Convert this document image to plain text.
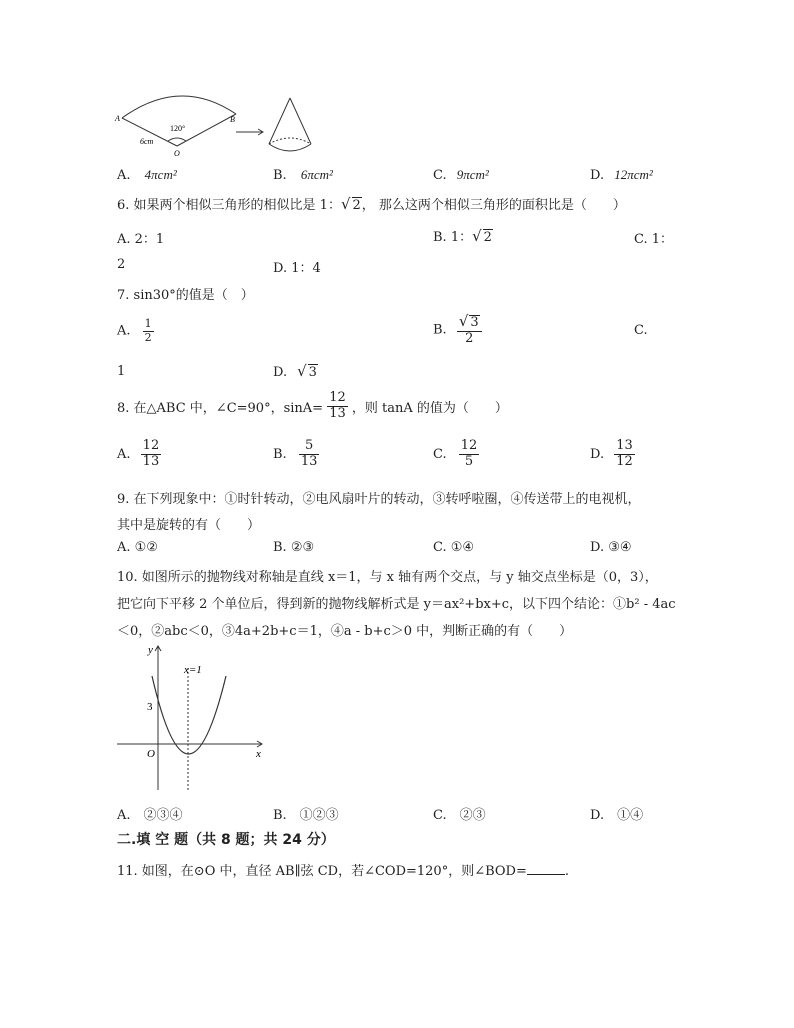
A	B
O
120°
6cm
A. 4πcm²	B. 6πcm²	C. 9πcm²	D. 12πcm²
6. 如果两个相似三角形的相似比是 1：√ 2， 那么这两个相似三角形的面积比是（　　）
A. 2：1	B. 1：√ 2	C. 1：
2	D. 1：4
7. sin30°的值是（　）
A. $\frac{1}{2}$	B. $\frac{√ 3}{2}$	C.
1	D. √ 3
8. 在△ABC 中，∠C=90°，$\sin A= \frac{12}{13}$ ，则 tanA 的值为（　　）
A. $\frac{12}{13}$	B. $\frac{5}{13}$	C. $\frac{12}{5}$	D. $\frac{13}{12}$
9. 在下列现象中：①时针转动，②电风扇叶片的转动，③转呼啦圈，④传送带上的电视机，
其中是旋转的有（　　）
A. ①②	B. ②③	C. ①④	D. ③④
10. 如图所示的抛物线对称轴是直线 x＝1，与 x 轴有两个交点，与 y 轴交点坐标是（0，3），
把它向下平移 2 个单位后，得到新的抛物线解析式是 y＝ax²+bx+c，以下四个结论：①b² - 4ac
＜0，②abc＜0，③4a+2b+c＝1，④a - b+c＞0 中，判断正确的有（　　）
y
x
O
3
x=1
A.　②③④	B.　①②③	C.　②③	D.　①④
二.填 空 题（共 8 题；共 24 分）
11. 如图，在⊙O 中，直径 AB∥弦 CD，若∠COD=120°，则∠BOD=	.
